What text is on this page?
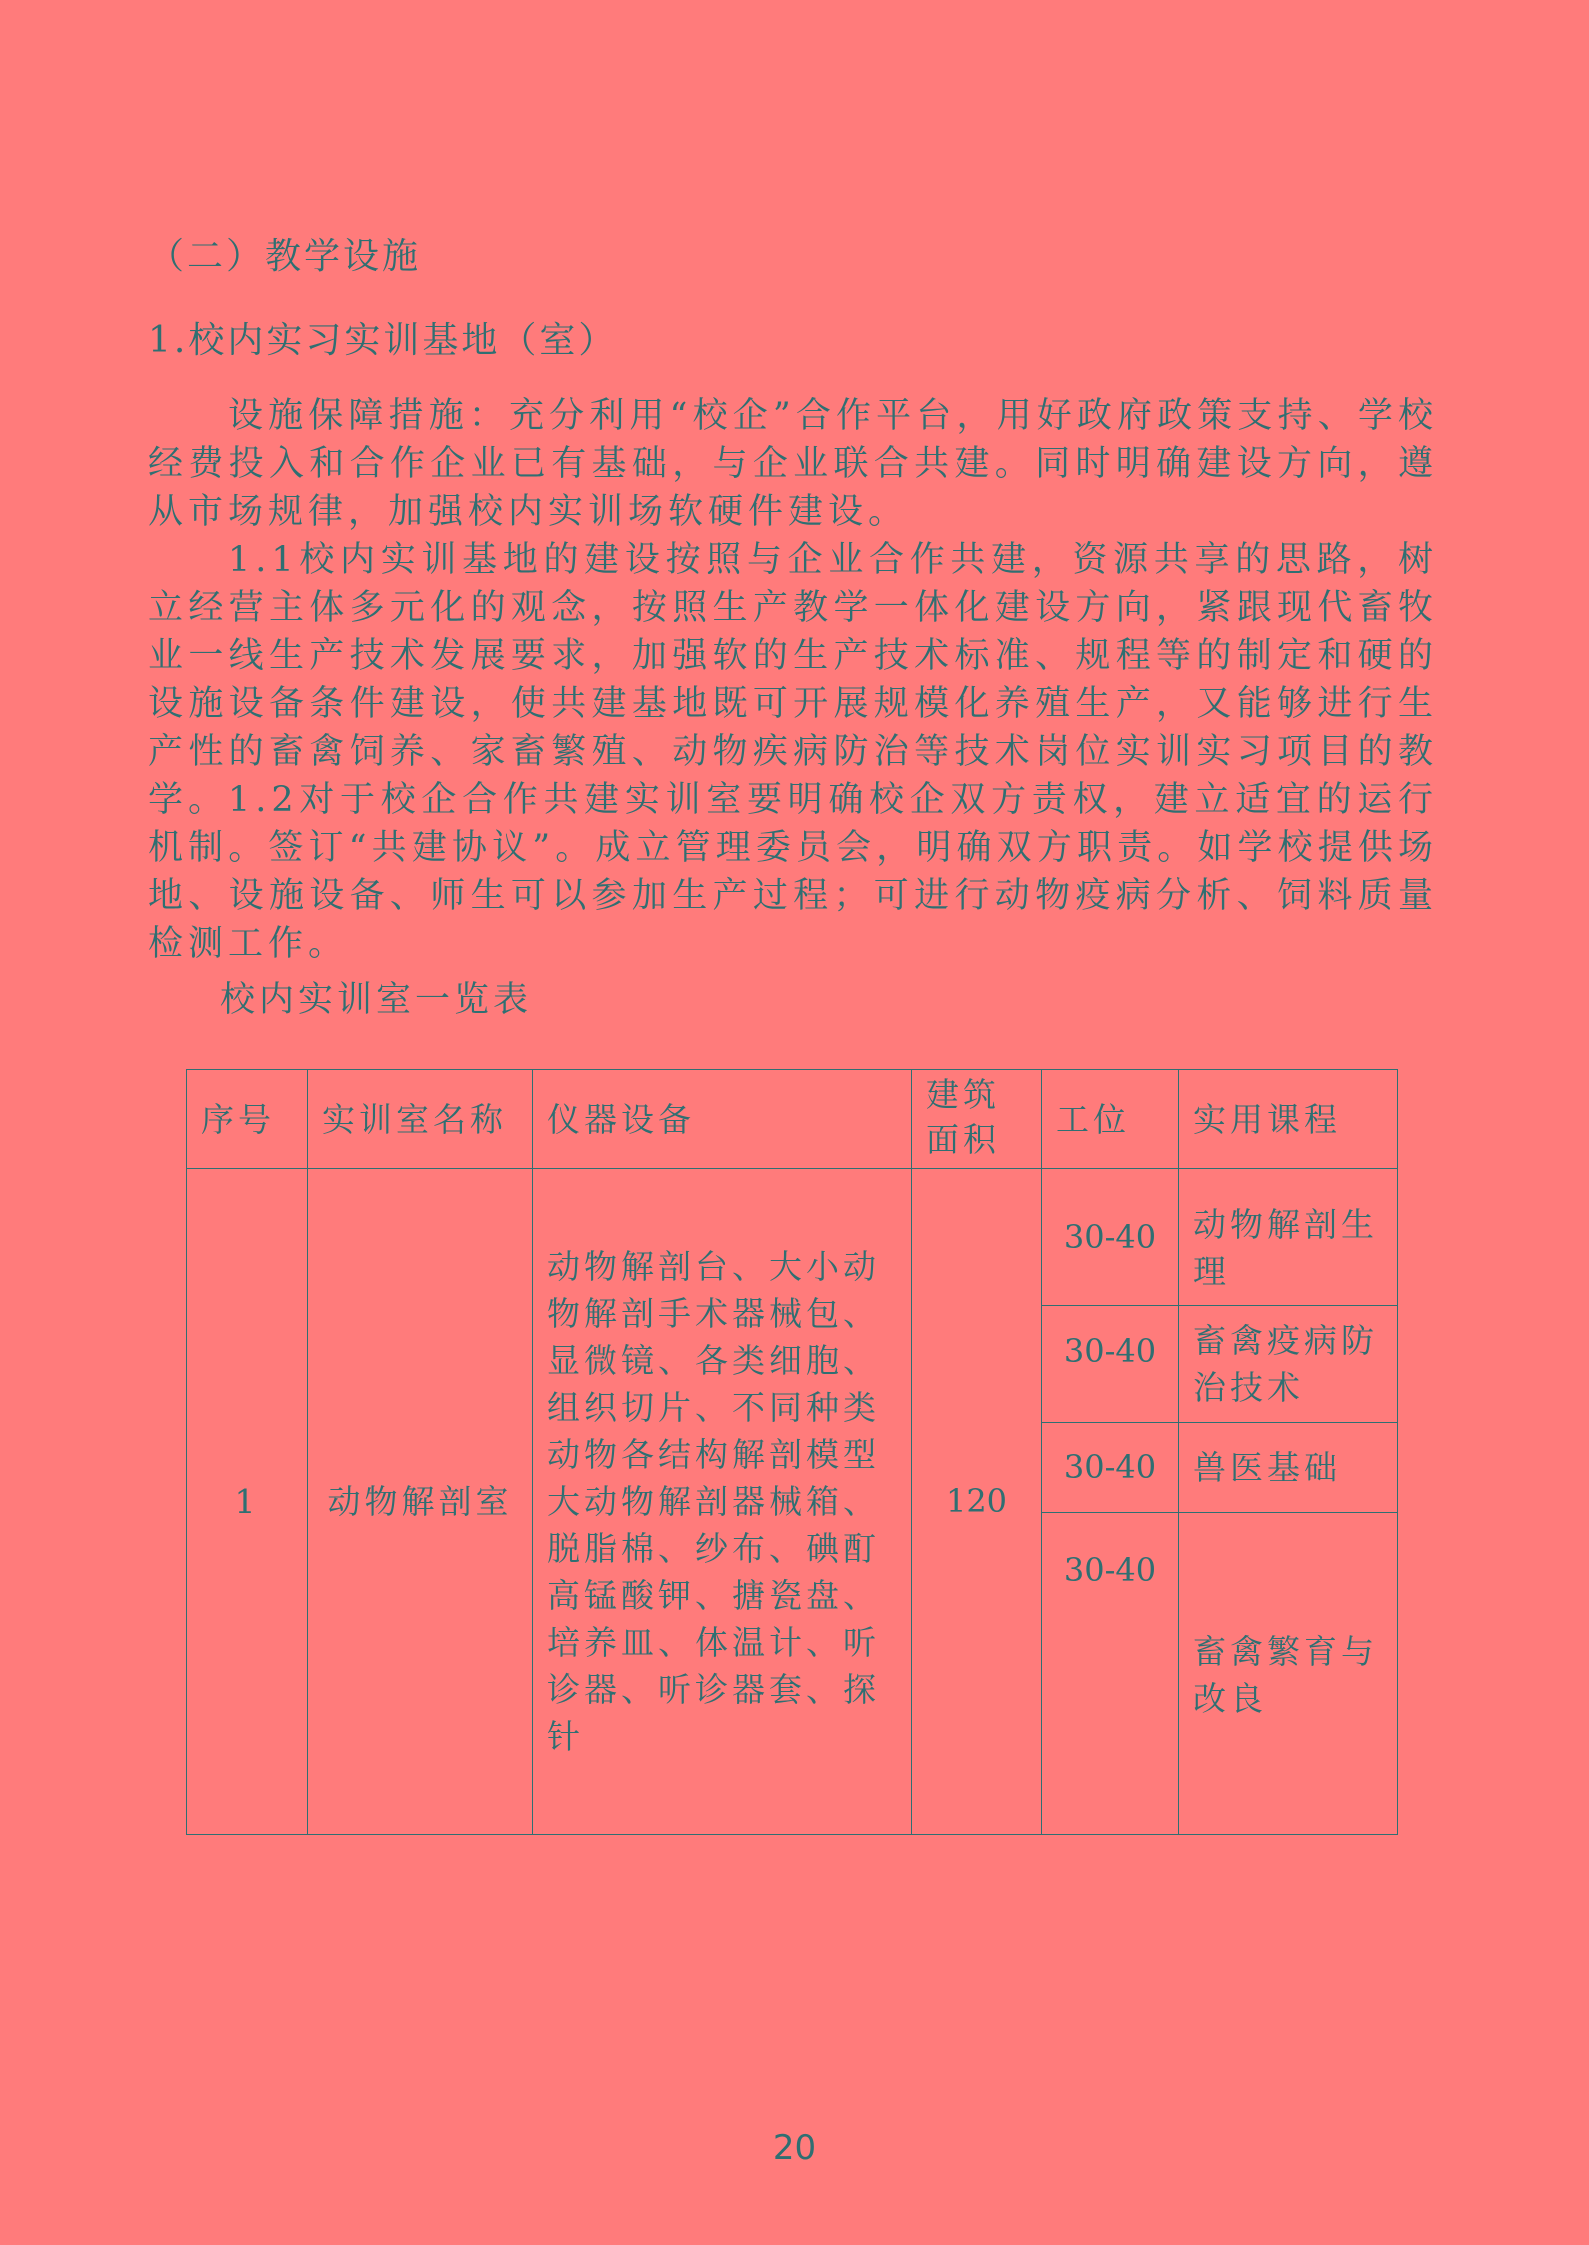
（二）教学设施
1.校内实习实训基地（室）
设施保障措施：充分利用“校企”合作平台，用好政府政策支持、学校经费投入和合作企业已有基础，与企业联合共建。同时明确建设方向，遵从市场规律，加强校内实训场软硬件建设。
1.1校内实训基地的建设按照与企业合作共建，资源共享的思路，树立经营主体多元化的观念，按照生产教学一体化建设方向，紧跟现代畜牧业一线生产技术发展要求，加强软的生产技术标准、规程等的制定和硬的设施设备条件建设，使共建基地既可开展规模化养殖生产，又能够进行生产性的畜禽饲养、家畜繁殖、动物疾病防治等技术岗位实训实习项目的教学。 1.2对于校企合作共建实训室要明确校企双方责权，建立适宜的运行机制。签订“共建协议”。成立管理委员会，明确双方职责。如学校提供场地、设施设备、师生可以参加生产过程；可进行动物疫病分析、饲料质量检测工作。
校内实训室一览表
序号	实训室名称	仪器设备	建筑面积	工位	实用课程
1	动物解剖室	动物解剖台、大小动物解剖手术器械包、显微镜、各类细胞、组织切片、不同种类动物各结构解剖模型大动物解剖器械箱、脱脂棉、纱布、碘酊高锰酸钾、搪瓷盘、培养皿、体温计、听诊器、听诊器套、探针	120	30-40	动物解剖生理
				30-40	畜禽疫病防治技术
				30-40	兽医基础
				30-40	畜禽繁育与改良
20
